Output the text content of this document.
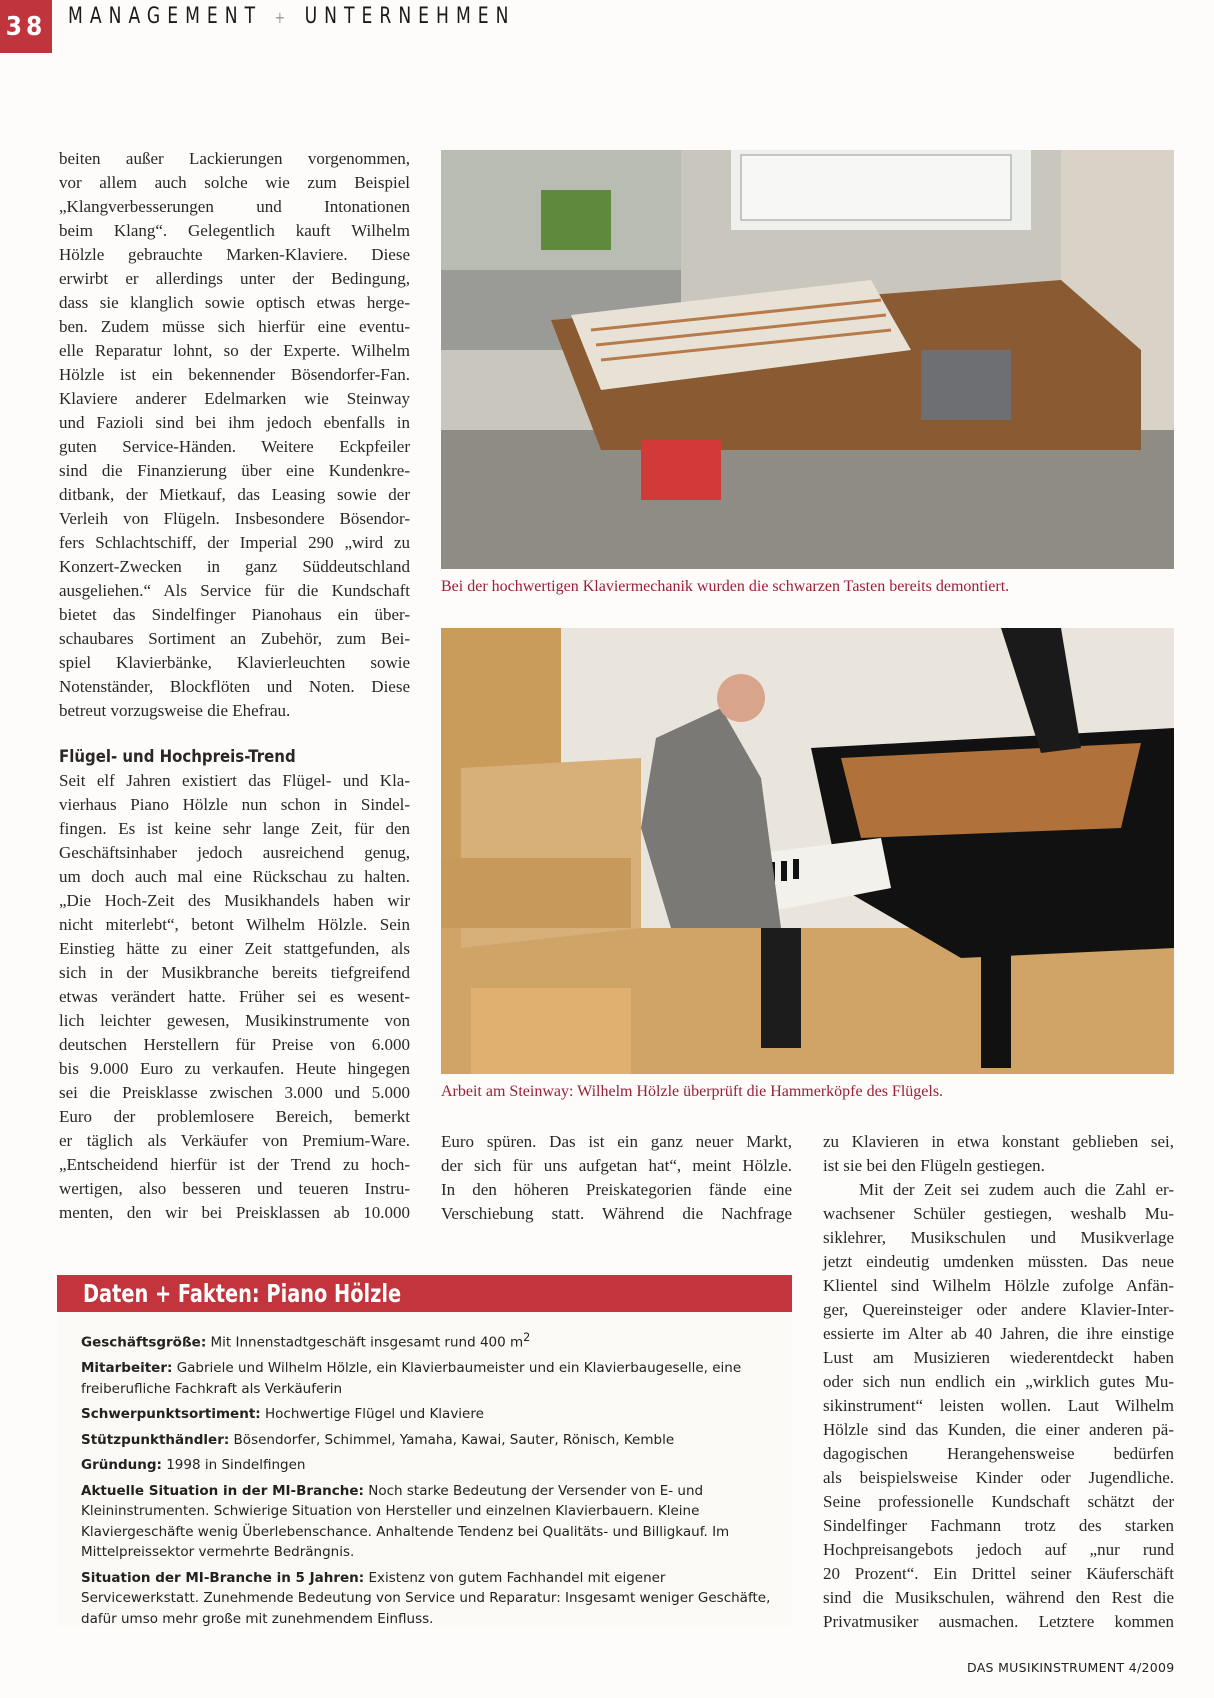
38 MANAGEMENT + UNTERNEHMEN
beiten außer Lackierungen vorgenommen,
vor allem auch solche wie zum Beispiel
„Klangverbesserungen und Intonationen
beim Klang“. Gelegentlich kauft Wilhelm
Hölzle gebrauchte Marken-Klaviere. Diese
erwirbt er allerdings unter der Bedingung,
dass sie klanglich sowie optisch etwas herge-
ben. Zudem müsse sich hierfür eine eventu-
elle Reparatur lohnt, so der Experte. Wilhelm
Hölzle ist ein bekennender Bösendorfer-Fan.
Klaviere anderer Edelmarken wie Steinway
und Fazioli sind bei ihm jedoch ebenfalls in
guten Service-Händen. Weitere Eckpfeiler
sind die Finanzierung über eine Kundenkre-
ditbank, der Mietkauf, das Leasing sowie der
Verleih von Flügeln. Insbesondere Bösendor-
fers Schlachtschiff, der Imperial 290 „wird zu
Konzert-Zwecken in ganz Süddeutschland
ausgeliehen.“ Als Service für die Kundschaft
bietet das Sindelfinger Pianohaus ein über-
schaubares Sortiment an Zubehör, zum Bei-
spiel Klavierbänke, Klavierleuchten sowie
Notenständer, Blockflöten und Noten. Diese
betreut vorzugsweise die Ehefrau.
Flügel- und Hochpreis-Trend
Seit elf Jahren existiert das Flügel- und Kla-
vierhaus Piano Hölzle nun schon in Sindel-
fingen. Es ist keine sehr lange Zeit, für den
Geschäftsinhaber jedoch ausreichend genug,
um doch auch mal eine Rückschau zu halten.
„Die Hoch-Zeit des Musikhandels haben wir
nicht miterlebt“, betont Wilhelm Hölzle. Sein
Einstieg hätte zu einer Zeit stattgefunden, als
sich in der Musikbranche bereits tiefgreifend
etwas verändert hatte. Früher sei es wesent-
lich leichter gewesen, Musikinstrumente von
deutschen Herstellern für Preise von 6.000
bis 9.000 Euro zu verkaufen. Heute hingegen
sei die Preisklasse zwischen 3.000 und 5.000
Euro der problemlosere Bereich, bemerkt
er täglich als Verkäufer von Premium-Ware.
„Entscheidend hierfür ist der Trend zu hoch-
wertigen, also besseren und teueren Instru-
menten, den wir bei Preisklassen ab 10.000
Bei der hochwertigen Klaviermechanik wurden die schwarzen Tasten bereits demontiert.
Arbeit am Steinway: Wilhelm Hölzle überprüft die Hammerköpfe des Flügels.
Euro spüren. Das ist ein ganz neuer Markt,
der sich für uns aufgetan hat“, meint Hölzle.
In den höheren Preiskategorien fände eine
Verschiebung statt. Während die Nachfrage
zu Klavieren in etwa konstant geblieben sei,
ist sie bei den Flügeln gestiegen.
Mit der Zeit sei zudem auch die Zahl er-
wachsener Schüler gestiegen, weshalb Mu-
siklehrer, Musikschulen und Musikverlage
jetzt eindeutig umdenken müssten. Das neue
Klientel sind Wilhelm Hölzle zufolge Anfän-
ger, Quereinsteiger oder andere Klavier-Inter-
essierte im Alter ab 40 Jahren, die ihre einstige
Lust am Musizieren wiederentdeckt haben
oder sich nun endlich ein „wirklich gutes Mu-
sikinstrument“ leisten wollen. Laut Wilhelm
Hölzle sind das Kunden, die einer anderen pä-
dagogischen Herangehensweise bedürfen
als beispielsweise Kinder oder Jugendliche.
Seine professionelle Kundschaft schätzt der
Sindelfinger Fachmann trotz des starken
Hochpreisangebots jedoch auf „nur rund
20 Prozent“. Ein Drittel seiner Käuferschäft
sind die Musikschulen, während den Rest die
Privatmusiker ausmachen. Letztere kommen
Daten + Fakten: Piano Hölzle
Geschäftsgröße: Mit Innenstadtgeschäft insgesamt rund 400 $m^2$
Mitarbeiter: Gabriele und Wilhelm Hölzle, ein Klavierbaumeister und ein Klavierbaugeselle, eine freiberufliche Fachkraft als Verkäuferin
Schwerpunktsortiment: Hochwertige Flügel und Klaviere
Stützpunkthändler: Bösendorfer, Schimmel, Yamaha, Kawai, Sauter, Rönisch, Kemble
Gründung: 1998 in Sindelfingen
Aktuelle Situation in der MI-Branche: Noch starke Bedeutung der Versender von E- und Kleininstrumenten. Schwierige Situation von Hersteller und einzelnen Klavierbauern. Kleine Klaviergeschäfte wenig Überlebenschance. Anhaltende Tendenz bei Qualitäts- und Billigkauf. Im Mittelpreissektor vermehrte Bedrängnis.
Situation der MI-Branche in 5 Jahren: Existenz von gutem Fachhandel mit eigener Servicewerkstatt. Zunehmende Bedeutung von Service und Reparatur: Insgesamt weniger Geschäfte, dafür umso mehr große mit zunehmendem Einfluss.
DAS MUSIKINSTRUMENT 4/2009
